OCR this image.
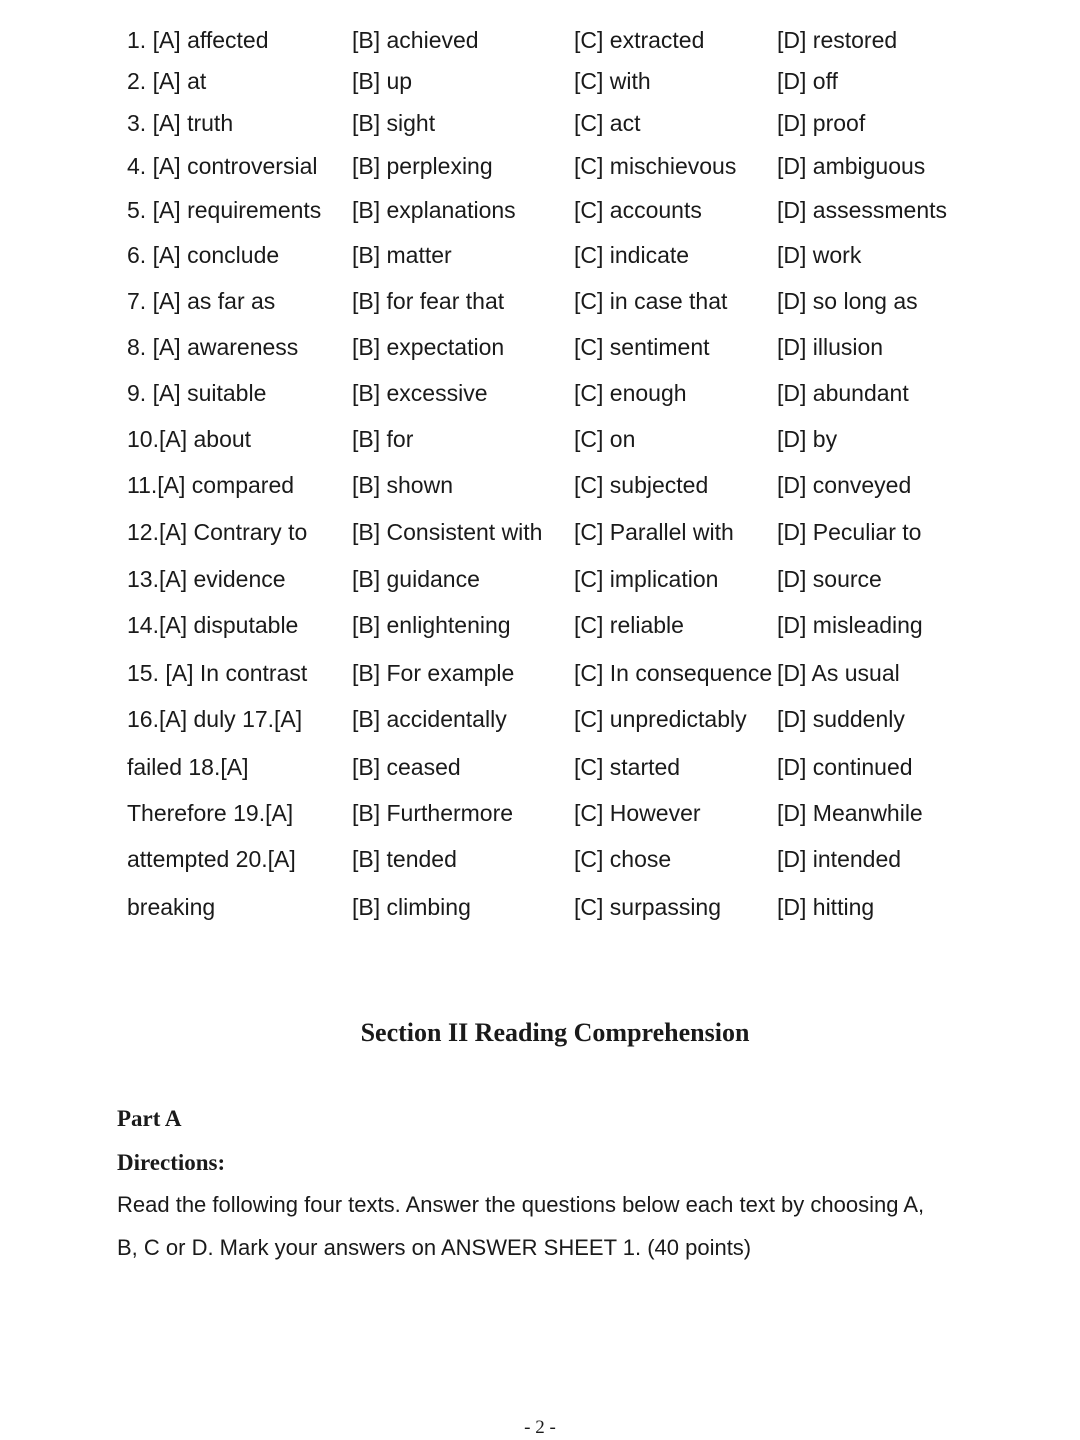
1. [A] affected	[B] achieved	[C] extracted	[D] restored
2. [A] at	[B] up	[C] with	[D] off
3. [A] truth	[B] sight	[C] act	[D] proof
4. [A] controversial [B] perplexing	[C] mischievous [D] ambiguous
5. [A] requirements [B] explanations	[C] accounts	[D] assessments
6. [A] conclude	[B] matter	[C] indicate	[D] work
7. [A] as far as	[B] for fear that	[C] in case that [D] so long as
8. [A] awareness [B] expectation	[C] sentiment	[D] illusion
9. [A] suitable	[B] excessive	[C] enough	[D] abundant
10.[A] about	[B] for	[C] on	[D] by
11.[A] compared	[B] shown	[C] subjected	[D] conveyed
12.[A] Contrary to [B] Consistent with [C] Parallel with [D] Peculiar to
13.[A] evidence	[B] guidance	[C] implication	[D] source
14.[A] disputable [B] enlightening	[C] reliable	[D] misleading
15. [A] In contrast [B] For example	[C] In consequence [D] As usual
16.[A] duly 17.[A] [B] accidentally	[C] unpredictably [D] suddenly
failed 18.[A]	[B] ceased	[C] started	[D] continued
Therefore 19.[A]	[B] Furthermore	[C] However	[D] Meanwhile
attempted 20.[A] [B] tended	[C] chose	[D] intended
breaking	[B] climbing	[C] surpassing [D] hitting
Section II Reading Comprehension
Part A
Directions:
Read the following four texts. Answer the questions below each text by choosing A,
B, C or D. Mark your answers on ANSWER SHEET 1. (40 points)
- 2 -
